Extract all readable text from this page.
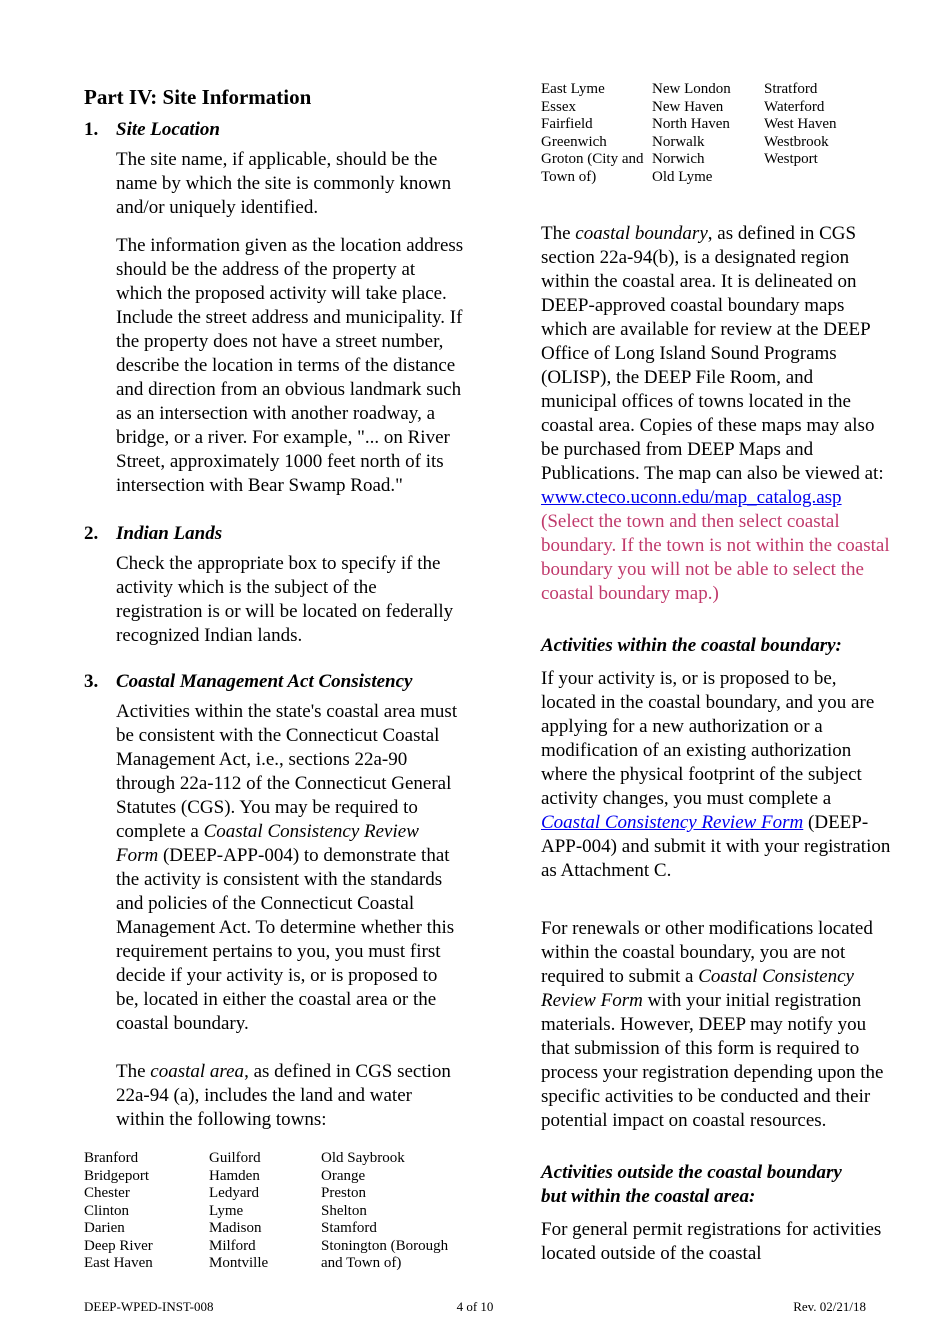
Part IV: Site Information
1. Site Location
The site name, if applicable, should be the name by which the site is commonly known and/or uniquely identified.
The information given as the location address should be the address of the property at which the proposed activity will take place. Include the street address and municipality. If the property does not have a street number, describe the location in terms of the distance and direction from an obvious landmark such as an intersection with another roadway, a bridge, or a river. For example, "... on River Street, approximately 1000 feet north of its intersection with Bear Swamp Road."
2. Indian Lands
Check the appropriate box to specify if the activity which is the subject of the registration is or will be located on federally recognized Indian lands.
3. Coastal Management Act Consistency
Activities within the state's coastal area must be consistent with the Connecticut Coastal Management Act, i.e., sections 22a-90 through 22a-112 of the Connecticut General Statutes (CGS). You may be required to complete a Coastal Consistency Review Form (DEEP-APP-004) to demonstrate that the activity is consistent with the standards and policies of the Connecticut Coastal Management Act. To determine whether this requirement pertains to you, you must first decide if your activity is, or is proposed to be, located in either the coastal area or the coastal boundary.
The coastal area, as defined in CGS section 22a-94 (a), includes the land and water within the following towns:
Branford
Bridgeport
Chester
Clinton
Darien
Deep River
East Haven
Guilford
Hamden
Ledyard
Lyme
Madison
Milford
Montville
Old Saybrook
Orange
Preston
Shelton
Stamford
Stonington (Borough
and Town of)
East Lyme
Essex
Fairfield
Greenwich
Groton (City and
Town of)
New London
New Haven
North Haven
Norwalk
Norwich
Old Lyme
Stratford
Waterford
West Haven
Westbrook
Westport
The coastal boundary, as defined in CGS section 22a-94(b), is a designated region within the coastal area. It is delineated on DEEP-approved coastal boundary maps which are available for review at the DEEP Office of Long Island Sound Programs (OLISP), the DEEP File Room, and municipal offices of towns located in the coastal area. Copies of these maps may also be purchased from DEEP Maps and Publications. The map can also be viewed at: www.cteco.uconn.edu/map_catalog.asp (Select the town and then select coastal boundary. If the town is not within the coastal boundary you will not be able to select the coastal boundary map.)
Activities within the coastal boundary:
If your activity is, or is proposed to be, located in the coastal boundary, and you are applying for a new authorization or a modification of an existing authorization where the physical footprint of the subject activity changes, you must complete a Coastal Consistency Review Form (DEEP-APP-004) and submit it with your registration as Attachment C.
For renewals or other modifications located within the coastal boundary, you are not required to submit a Coastal Consistency Review Form with your initial registration materials. However, DEEP may notify you that submission of this form is required to process your registration depending upon the specific activities to be conducted and their potential impact on coastal resources.
Activities outside the coastal boundary but within the coastal area:
For general permit registrations for activities located outside of the coastal
DEEP-WPED-INST-008	4 of 10	Rev. 02/21/18
